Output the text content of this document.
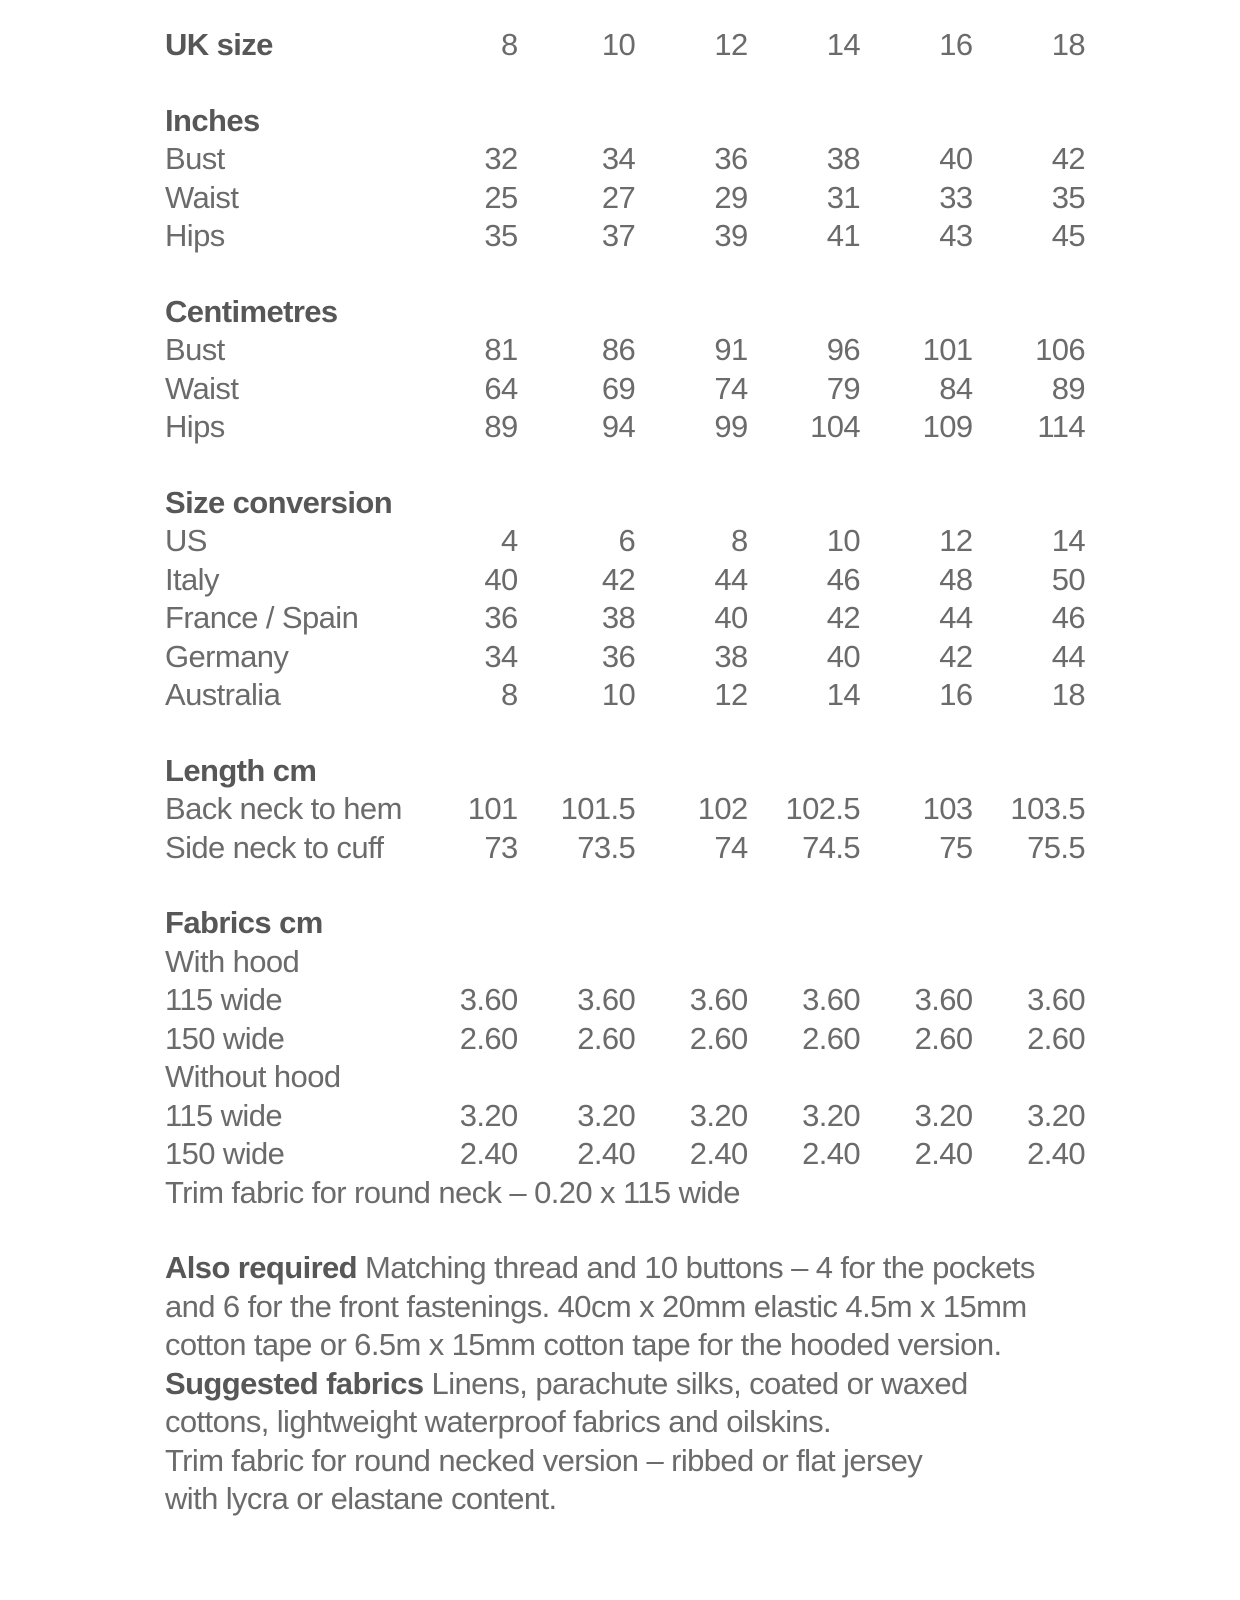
UK size	8	10	12	14	16	18

Inches						
Bust	32	34	36	38	40	42
Waist	25	27	29	31	33	35
Hips	35	37	39	41	43	45

Centimetres						
Bust	81	86	91	96	101	106
Waist	64	69	74	79	84	89
Hips	89	94	99	104	109	114

Size conversion						
US	4	6	8	10	12	14
Italy	40	42	44	46	48	50
France / Spain	36	38	40	42	44	46
Germany	34	36	38	40	42	44
Australia	8	10	12	14	16	18

Length cm						
Back neck to hem	101	101.5	102	102.5	103	103.5
Side neck to cuff	73	73.5	74	74.5	75	75.5

Fabrics cm						
With hood						
115 wide	3.60	3.60	3.60	3.60	3.60	3.60
150 wide	2.60	2.60	2.60	2.60	2.60	2.60
Without hood						
115 wide	3.20	3.20	3.20	3.20	3.20	3.20
150 wide	2.40	2.40	2.40	2.40	2.40	2.40
Trim fabric for round neck – 0.20 x 115 wide						
Also required Matching thread and 10 buttons – 4 for the pockets
and 6 for the front fastenings. 40cm x 20mm elastic 4.5m x 15mm
cotton tape or 6.5m x 15mm cotton tape for the hooded version.
Suggested fabrics Linens, parachute silks, coated or waxed
cottons, lightweight waterproof fabrics and oilskins.
Trim fabric for round necked version – ribbed or flat jersey
with lycra or elastane content.
